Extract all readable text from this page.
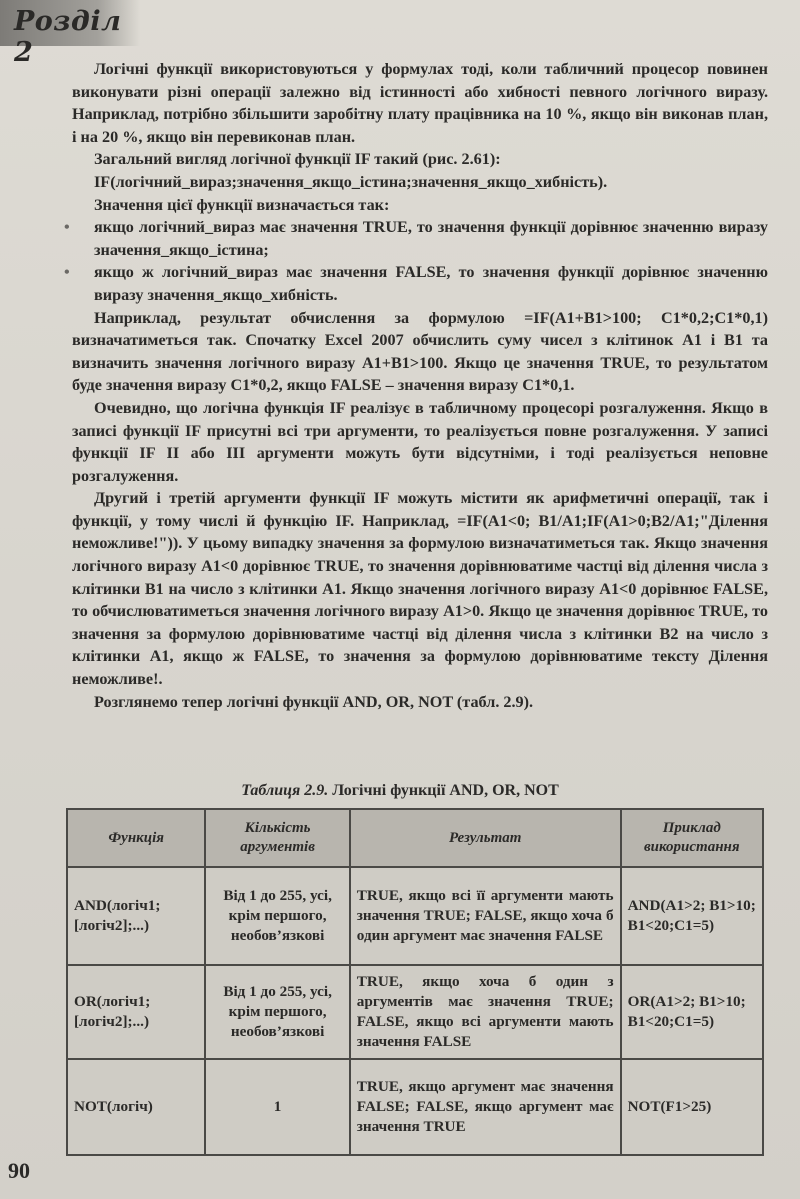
Розділ 2

Логічні функції використовуються у формулах тоді, коли табличний процесор повинен виконувати різні операції залежно від істинності або хибності певного логічного виразу. Наприклад, потрібно збільшити заробітну плату працівника на 10 %, якщо він виконав план, і на 20 %, якщо він перевиконав план.

Загальний вигляд логічної функції IF такий (рис. 2.61):

IF(логічний_вираз;значення_якщо_істина;значення_якщо_хибність).

Значення цієї функції визначається так:

• якщо логічний_вираз має значення TRUE, то значення функції дорівнює значенню виразу значення_якщо_істина;

• якщо ж логічний_вираз має значення FALSE, то значення функції дорівнює значенню виразу значення_якщо_хибність.

Наприклад, результат обчислення за формулою =IF(A1+B1>100; C1*0,2;C1*0,1) визначатиметься так. Спочатку Excel 2007 обчислить суму чисел з клітинок A1 і B1 та визначить значення логічного виразу A1+B1>100. Якщо це значення TRUE, то результатом буде значення виразу C1*0,2, якщо FALSE – значення виразу C1*0,1.

Очевидно, що логічна функція IF реалізує в табличному процесорі розгалуження. Якщо в записі функції IF присутні всі три аргументи, то реалізується повне розгалуження. У записі функції IF II або III аргументи можуть бути відсутніми, і тоді реалізується неповне розгалуження.

Другий і третій аргументи функції IF можуть містити як арифметичні операції, так і функції, у тому числі й функцію IF. Наприклад, =IF(A1<0; B1/A1;IF(A1>0;B2/A1;"Ділення неможливе!")). У цьому випадку значення за формулою визначатиметься так. Якщо значення логічного виразу A1<0 дорівнює TRUE, то значення дорівнюватиме частці від ділення числа з клітинки B1 на число з клітинки A1. Якщо значення логічного виразу A1<0 дорівнює FALSE, то обчислюватиметься значення логічного виразу A1>0. Якщо це значення дорівнює TRUE, то значення за формулою дорівнюватиме частці від ділення числа з клітинки B2 на число з клітинки A1, якщо ж FALSE, то значення за формулою дорівнюватиме тексту Ділення неможливе!.

Розглянемо тепер логічні функції AND, OR, NOT (табл. 2.9).

Таблиця 2.9. Логічні функції AND, OR, NOT
Функція	Кількість аргументів	Результат	Приклад використання
AND(логіч1; [логіч2];...)	Від 1 до 255, усі, крім першого, необов’язкові	TRUE, якщо всі її аргументи мають значення TRUE; FALSE, якщо хоча б один аргумент має значення FALSE	AND(A1>2; B1>10; B1<20;C1=5)
OR(логіч1; [логіч2];...)	Від 1 до 255, усі, крім першого, необов’язкові	TRUE, якщо хоча б один з аргументів має значення TRUE; FALSE, якщо всі аргументи мають значення FALSE	OR(A1>2; B1>10; B1<20;C1=5)
NOT(логіч)	1	TRUE, якщо аргумент має значення FALSE; FALSE, якщо аргумент має значення TRUE	NOT(F1>25)
90
